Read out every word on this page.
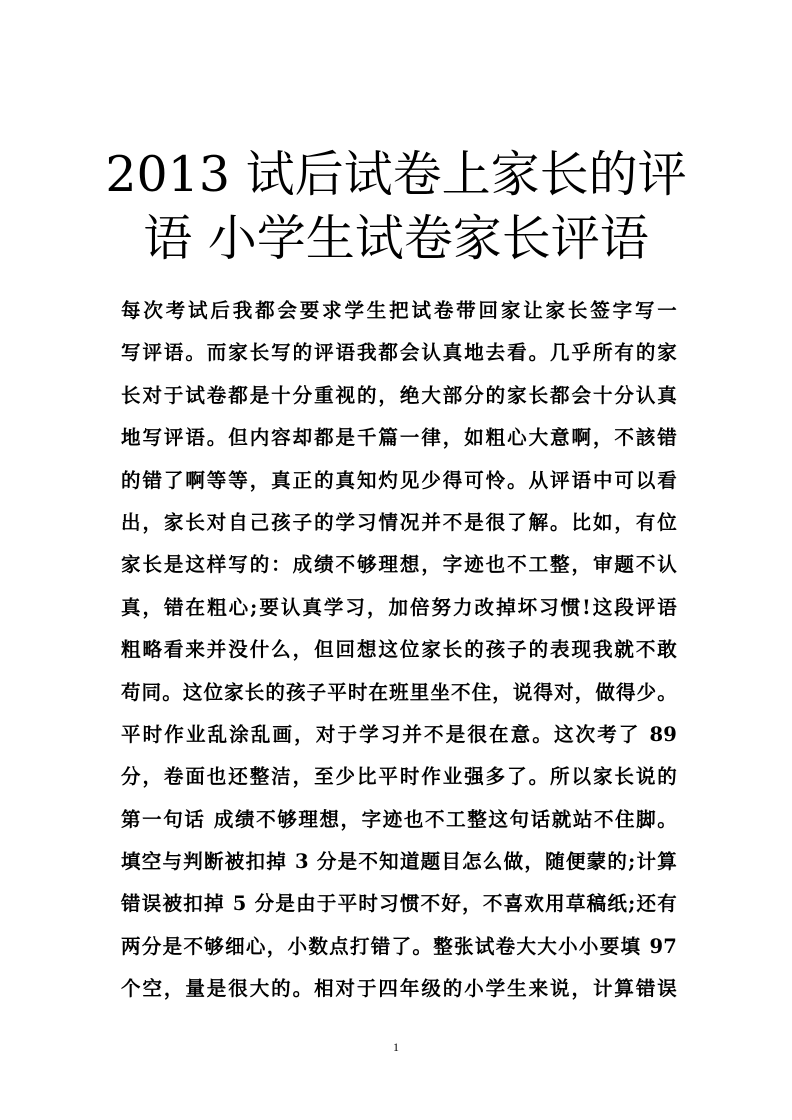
2013 试后试卷上家长的评
语 小学生试卷家长评语
每次考试后我都会要求学生把试卷带回家让家长签字写一
写评语。而家长写的评语我都会认真地去看。几乎所有的家
长对于试卷都是十分重视的，绝大部分的家长都会十分认真
地写评语。但内容却都是千篇一律，如粗心大意啊，不該错
的错了啊等等，真正的真知灼见少得可怜。从评语中可以看
出，家长对自己孩子的学习情况并不是很了解。比如，有位
家长是这样写的：成绩不够理想，字迹也不工整，审题不认
真，错在粗心;要认真学习，加倍努力改掉坏习惯!这段评语
粗略看来并没什么，但回想这位家长的孩子的表现我就不敢
苟同。这位家长的孩子平时在班里坐不住，说得对，做得少。
平时作业乱涂乱画，对于学习并不是很在意。这次考了 89
分，卷面也还整洁，至少比平时作业强多了。所以家长说的
第一句话 成绩不够理想，字迹也不工整这句话就站不住脚。
填空与判断被扣掉 3 分是不知道题目怎么做，随便蒙的;计算
错误被扣掉 5 分是由于平时习惯不好，不喜欢用草稿纸;还有
两分是不够细心，小数点打错了。整张试卷大大小小要填 97
个空，量是很大的。相对于四年级的小学生来说，计算错误
1
